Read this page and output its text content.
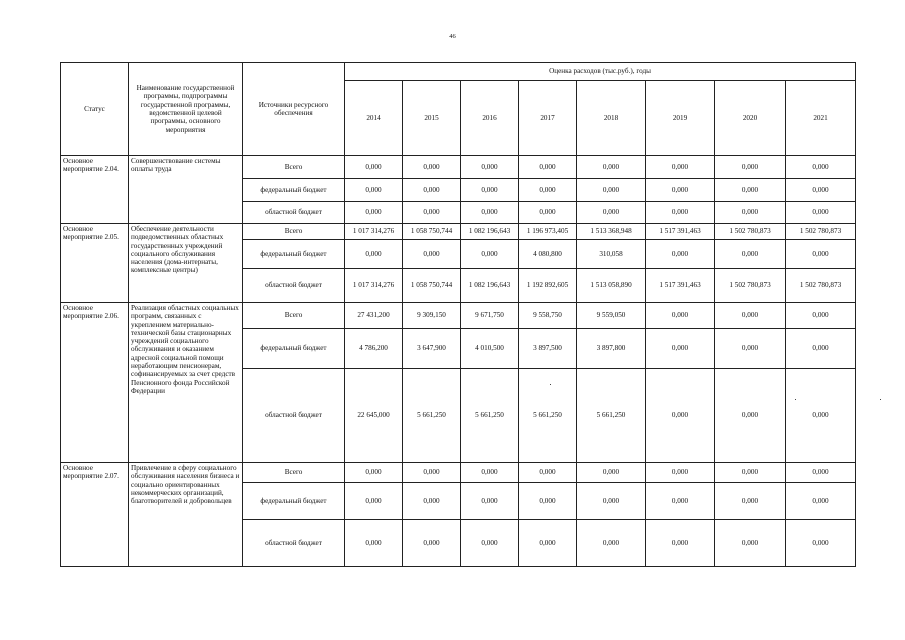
46
Статус	Наименование государственной программы, подпрограммы государственной программы, ведомственной целевой программы, основного мероприятия	Источники ресурсного обеспечения	Оценка расходов (тыс.руб.), годы							
			2014	2015	2016	2017	2018	2019	2020	2021
Основное мероприятие 2.04.	Совершенствование системы оплаты труда	Всего	0,000	0,000	0,000	0,000	0,000	0,000	0,000	0,000
		федеральный бюджет	0,000	0,000	0,000	0,000	0,000	0,000	0,000	0,000
		областной бюджет	0,000	0,000	0,000	0,000	0,000	0,000	0,000	0,000
Основное мероприятие 2.05.	Обеспечение деятельности подведомственных областных государственных учреждений социального обслуживания населения (дома-интернаты, комплексные центры)	Всего	1 017 314,276	1 058 750,744	1 082 196,643	1 196 973,405	1 513 368,948	1 517 391,463	1 502 780,873	1 502 780,873
		федеральный бюджет	0,000	0,000	0,000	4 080,800	310,058	0,000	0,000	0,000
		областной бюджет	1 017 314,276	1 058 750,744	1 082 196,643	1 192 892,605	1 513 058,890	1 517 391,463	1 502 780,873	1 502 780,873
Основное мероприятие 2.06.	Реализация областных социальных программ, связанных с укреплением материально-технической базы стационарных учреждений социального обслуживания и оказанием адресной социальной помощи неработающим пенсионерам, софинансируемых за счет средств Пенсионного фонда Российской Федерации	Всего	27 431,200	9 309,150	9 671,750	9 558,750	9 559,050	0,000	0,000	0,000
		федеральный бюджет	4 786,200	3 647,900	4 010,500	3 897,500	3 897,800	0,000	0,000	0,000
		областной бюджет	22 645,000	5 661,250	5 661,250	5 661,250	5 661,250	0,000	0,000	0,000
Основное мероприятие 2.07.	Привлечение в сферу социального обслуживания населения бизнеса и социально ориентированных некоммерческих организаций, благотворителей и добровольцев	Всего	0,000	0,000	0,000	0,000	0,000	0,000	0,000	0,000
		федеральный бюджет	0,000	0,000	0,000	0,000	0,000	0,000	0,000	0,000
		областной бюджет	0,000	0,000	0,000	0,000	0,000	0,000	0,000	0,000
